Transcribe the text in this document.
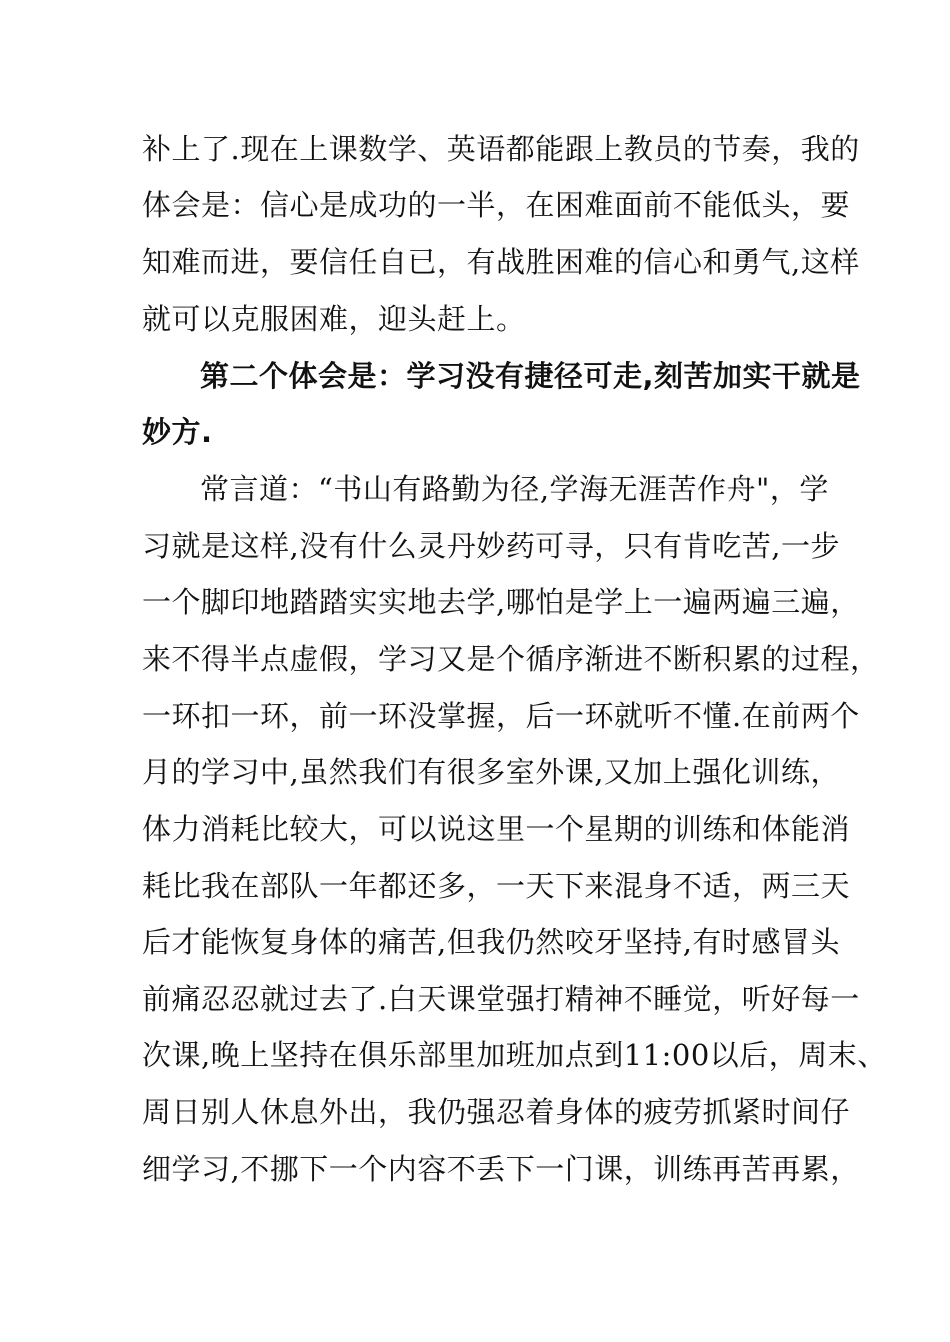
补上了.现在上课数学、英语都能跟上教员的节奏，我的
体会是：信心是成功的一半，在困难面前不能低头，要
知难而进，要信任自已，有战胜困难的信心和勇气,这样
就可以克服困难，迎头赶上。
第二个体会是：学习没有捷径可走,刻苦加实干就是
妙方.
常言道：“书山有路勤为径,学海无涯苦作舟"，学
习就是这样,没有什么灵丹妙药可寻，只有肯吃苦,一步
一个脚印地踏踏实实地去学,哪怕是学上一遍两遍三遍，
来不得半点虚假，学习又是个循序渐进不断积累的过程，
一环扣一环，前一环没掌握，后一环就听不懂.在前两个
月的学习中,虽然我们有很多室外课,又加上强化训练，
体力消耗比较大，可以说这里一个星期的训练和体能消
耗比我在部队一年都还多，一天下来混身不适，两三天
后才能恢复身体的痛苦,但我仍然咬牙坚持,有时感冒头
前痛忍忍就过去了.白天课堂强打精神不睡觉，听好每一
次课,晚上坚持在俱乐部里加班加点到11:00以后，周末、
周日别人休息外出，我仍强忍着身体的疲劳抓紧时间仔
细学习,不挪下一个内容不丢下一门课，训练再苦再累，
